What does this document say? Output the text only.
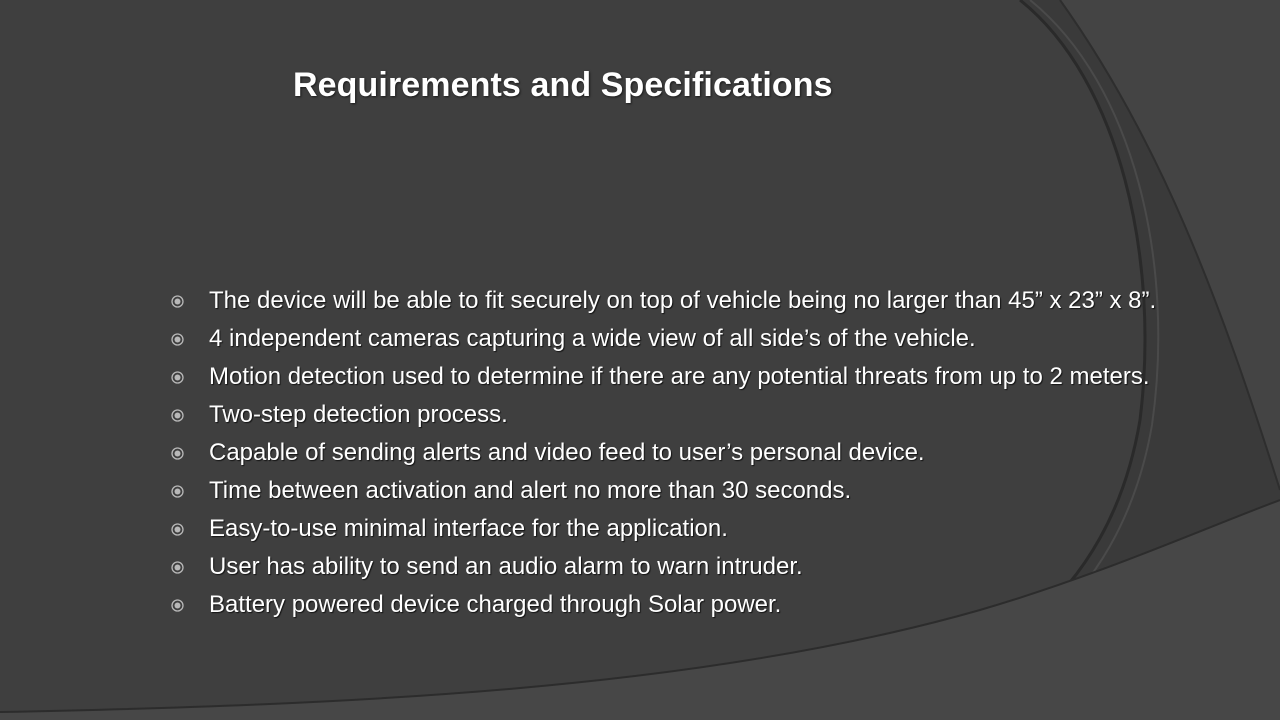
Requirements and Specifications
The device will be able to fit securely on top of vehicle being no larger than 45” x 23” x 8”.
4 independent cameras capturing a wide view of all side’s of the vehicle.
Motion detection used to determine if there are any potential threats from up to 2 meters.
Two-step detection process.
Capable of sending alerts and video feed to user’s personal device.
Time between activation and alert no more than 30 seconds.
Easy-to-use minimal interface for the application.
User has ability to send an audio alarm to warn intruder.
Battery powered device charged through Solar power.
